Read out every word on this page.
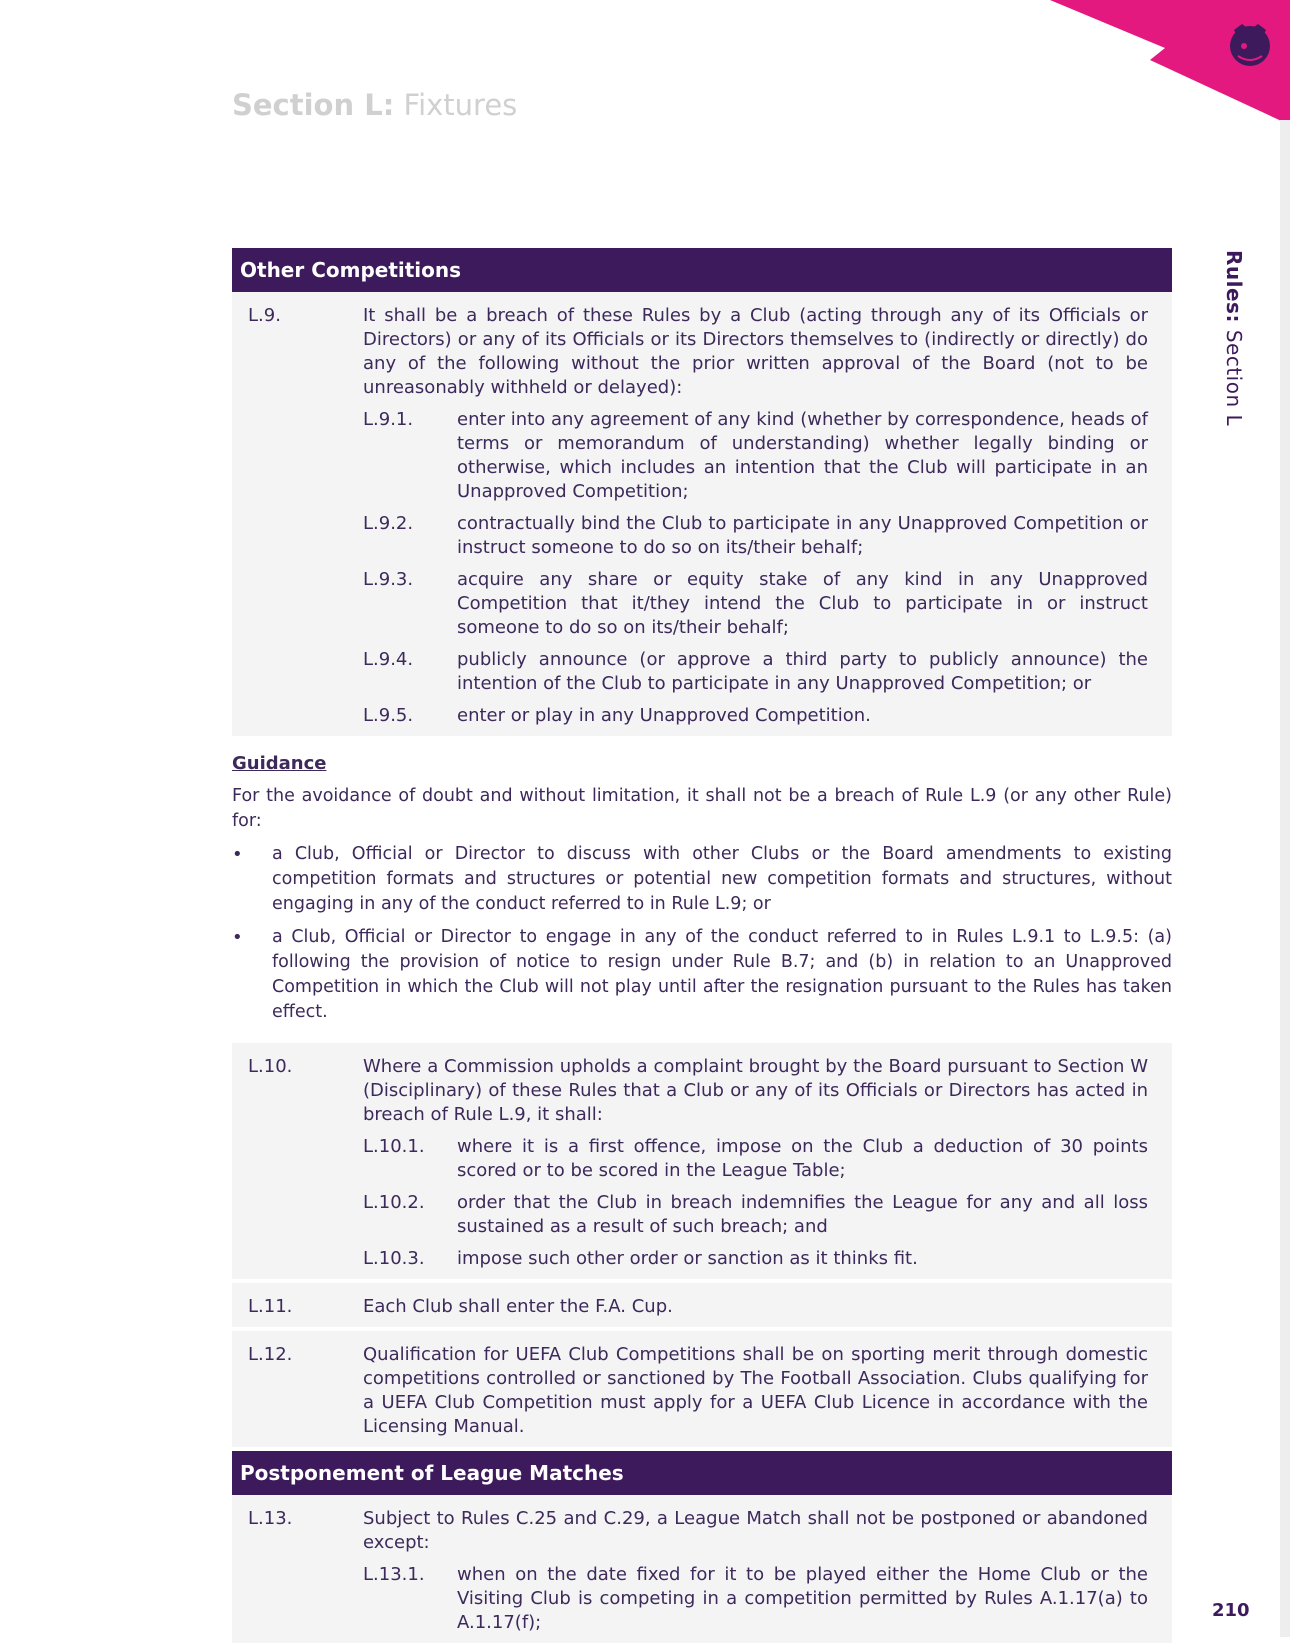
Section L: Fixtures
Rules: Section L
Other Competitions
L.9.	It shall be a breach of these Rules by a Club (acting through any of its Officials or Directors) or any of its Officials or its Directors themselves to (indirectly or directly) do any of the following without the prior written approval of the Board (not to be unreasonably withheld or delayed):
L.9.1.	enter into any agreement of any kind (whether by correspondence, heads of terms or memorandum of understanding) whether legally binding or otherwise, which includes an intention that the Club will participate in an Unapproved Competition;
L.9.2.	contractually bind the Club to participate in any Unapproved Competition or instruct someone to do so on its/their behalf;
L.9.3.	acquire any share or equity stake of any kind in any Unapproved Competition that it/they intend the Club to participate in or instruct someone to do so on its/their behalf;
L.9.4.	publicly announce (or approve a third party to publicly announce) the intention of the Club to participate in any Unapproved Competition; or
L.9.5.	enter or play in any Unapproved Competition.
Guidance
For the avoidance of doubt and without limitation, it shall not be a breach of Rule L.9 (or any other Rule) for:
•	a Club, Official or Director to discuss with other Clubs or the Board amendments to existing competition formats and structures or potential new competition formats and structures, without engaging in any of the conduct referred to in Rule L.9; or
•	a Club, Official or Director to engage in any of the conduct referred to in Rules L.9.1 to L.9.5: (a) following the provision of notice to resign under Rule B.7; and (b) in relation to an Unapproved Competition in which the Club will not play until after the resignation pursuant to the Rules has taken effect.
L.10.	Where a Commission upholds a complaint brought by the Board pursuant to Section W (Disciplinary) of these Rules that a Club or any of its Officials or Directors has acted in breach of Rule L.9, it shall:
L.10.1.	where it is a first offence, impose on the Club a deduction of 30 points scored or to be scored in the League Table;
L.10.2.	order that the Club in breach indemnifies the League for any and all loss sustained as a result of such breach; and
L.10.3.	impose such other order or sanction as it thinks fit.
L.11.	Each Club shall enter the F.A. Cup.
L.12.	Qualification for UEFA Club Competitions shall be on sporting merit through domestic competitions controlled or sanctioned by The Football Association. Clubs qualifying for a UEFA Club Competition must apply for a UEFA Club Licence in accordance with the Licensing Manual.
Postponement of League Matches
L.13.	Subject to Rules C.25 and C.29, a League Match shall not be postponed or abandoned except:
L.13.1.	when on the date fixed for it to be played either the Home Club or the Visiting Club is competing in a competition permitted by Rules A.1.17(a) to A.1.17(f);
210
